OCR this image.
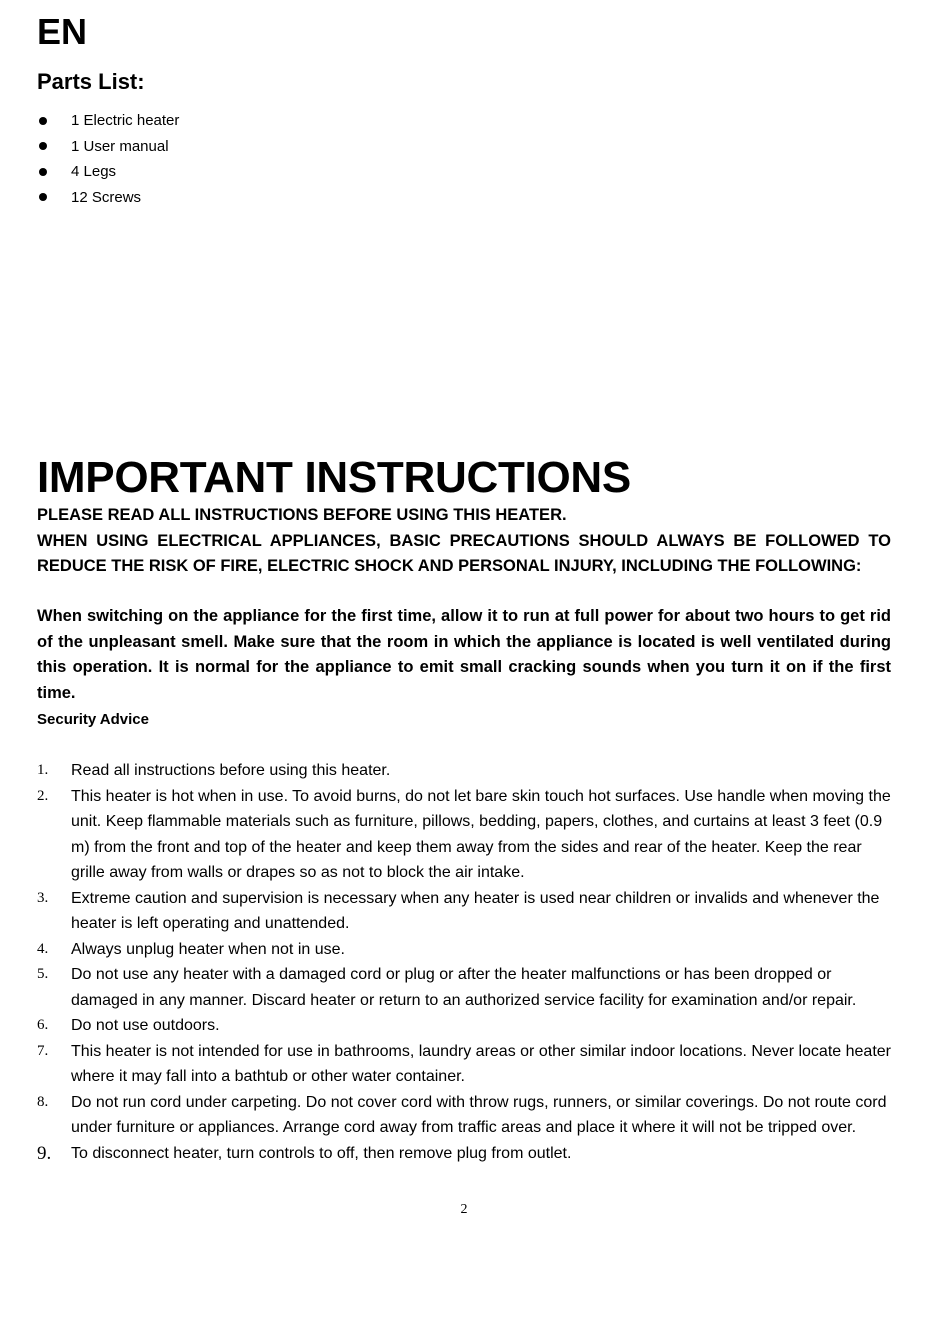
EN
Parts List:
1 Electric heater
1 User manual
4 Legs
12 Screws
IMPORTANT INSTRUCTIONS

PLEASE READ ALL INSTRUCTIONS BEFORE USING THIS HEATER.

WHEN USING ELECTRICAL APPLIANCES, BASIC PRECAUTIONS SHOULD ALWAYS BE FOLLOWED TO REDUCE THE RISK OF FIRE, ELECTRIC SHOCK AND PERSONAL INJURY, INCLUDING THE FOLLOWING:

When switching on the appliance for the first time, allow it to run at full power for about two hours to get rid of the unpleasant smell. Make sure that the room in which the appliance is located is well ventilated during this operation. It is normal for the appliance to emit small cracking sounds when you turn it on if the first time.

Security Advice
1.	Read all instructions before using this heater.
2.	This heater is hot when in use. To avoid burns, do not let bare skin touch hot surfaces. Use handle when moving the unit. Keep flammable materials such as furniture, pillows, bedding, papers, clothes, and curtains at least 3 feet (0.9 m) from the front and top of the heater and keep them away from the sides and rear of the heater. Keep the rear grille away from walls or drapes so as not to block the air intake.
3.	Extreme caution and supervision is necessary when any heater is used near children or invalids and whenever the heater is left operating and unattended.
4.	Always unplug heater when not in use.
5.	Do not use any heater with a damaged cord or plug or after the heater malfunctions or has been dropped or damaged in any manner. Discard heater or return to an authorized service facility for examination and/or repair.
6.	Do not use outdoors.
7.	This heater is not intended for use in bathrooms, laundry areas or other similar indoor locations. Never locate heater where it may fall into a bathtub or other water container.
8.	Do not run cord under carpeting. Do not cover cord with throw rugs, runners, or similar coverings. Do not route cord under furniture or appliances. Arrange cord away from traffic areas and place it where it will not be tripped over.
9.	To disconnect heater, turn controls to off, then remove plug from outlet.
2
